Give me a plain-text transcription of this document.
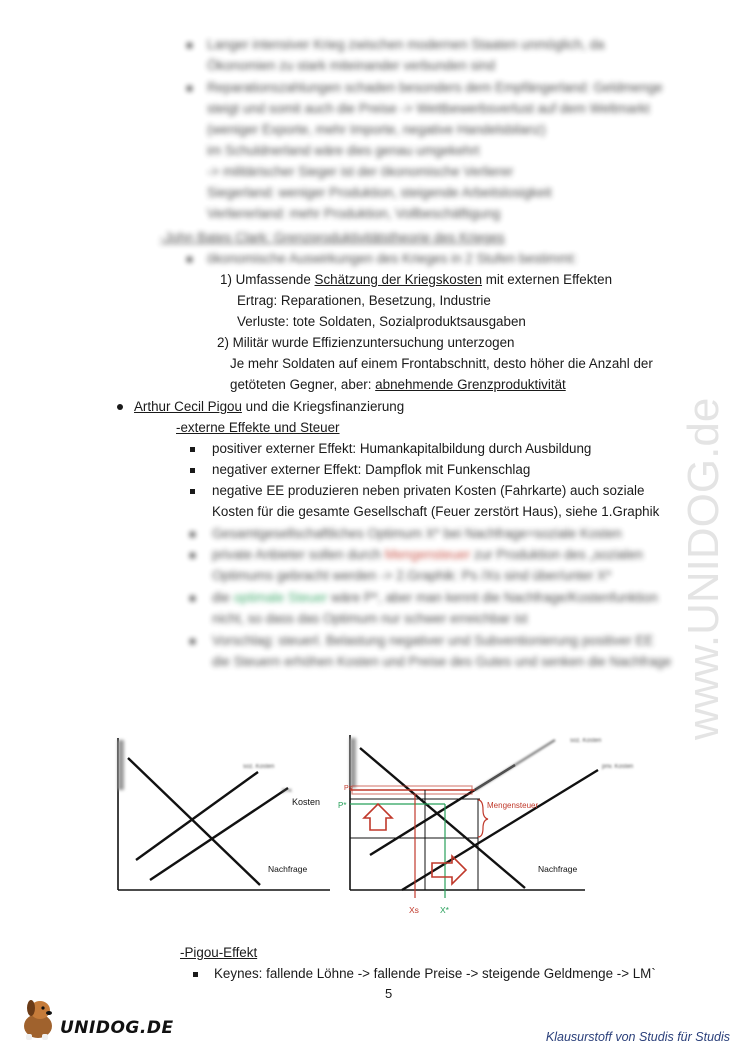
Langer intensiver Krieg zwischen modernen Staaten unmöglich, da
Ökonomien zu stark miteinander verbunden sind
Reparationszahlungen schaden besonders dem Empfängerland: Geldmenge
steigt und somit auch die Preise -> Wettbewerbsverlust auf dem Weltmarkt
(weniger Exporte, mehr Importe, negative Handelsbilanz)
im Schuldnerland wäre dies genau umgekehrt
-> militärischer Sieger ist der ökonomische Verlierer
Siegerland: weniger Produktion, steigende Arbeitslosigkeit
Verliererland: mehr Produktion, Vollbeschäftigung
-John Bates Clark: Grenzproduktivitätstheorie des Krieges
ökonomische Auswirkungen des Krieges in 2 Stufen bestimmt:
1) Umfassende Schätzung der Kriegskosten mit externen Effekten
Ertrag: Reparationen, Besetzung, Industrie
Verluste: tote Soldaten, Sozialproduktsausgaben
2) Militär wurde Effizienzuntersuchung unterzogen
Je mehr Soldaten auf einem Frontabschnitt, desto höher die Anzahl der
getöteten Gegner, aber: abnehmende Grenzproduktivität
Arthur Cecil Pigou und die Kriegsfinanzierung
-externe Effekte und Steuer
positiver externer Effekt: Humankapitalbildung durch Ausbildung
negativer externer Effekt: Dampflok mit Funkenschlag
negative EE produzieren neben privaten Kosten (Fahrkarte) auch soziale
Kosten für die gesamte Gesellschaft (Feuer zerstört Haus), siehe 1.Graphik
Gesamtgesellschaftliches Optimum X* bei Nachfrage=soziale Kosten
private Anbieter sollen durch Mengensteuer zur Produktion des „sozialen
Optimums gebracht werden -> 2.Graphik: Ps /Xs sind über/unter X*
die optimale Steuer wäre P*, aber man kennt die Nachfrage/Kostenfunktion
nicht, so dass das Optimum nur schwer erreichbar ist
Vorschlag: steuerl. Belastung negativer und Subventionierung positiver EE
die Steuern erhöhen Kosten und Preise des Gutes und senken die Nachfrage
soz. Kosten
priv.
Kosten
Nachfrage
Mengensteuer
Ps
P*
soz. Kosten
priv. Kosten
Nachfrage
Xs X*
-Pigou-Effekt
Keynes: fallende Löhne -> fallende Preise -> steigende Geldmenge -> LM`
5
www.UNIDOG.de
UNIDOG.DE	Klausurstoff von Studis für Studis
